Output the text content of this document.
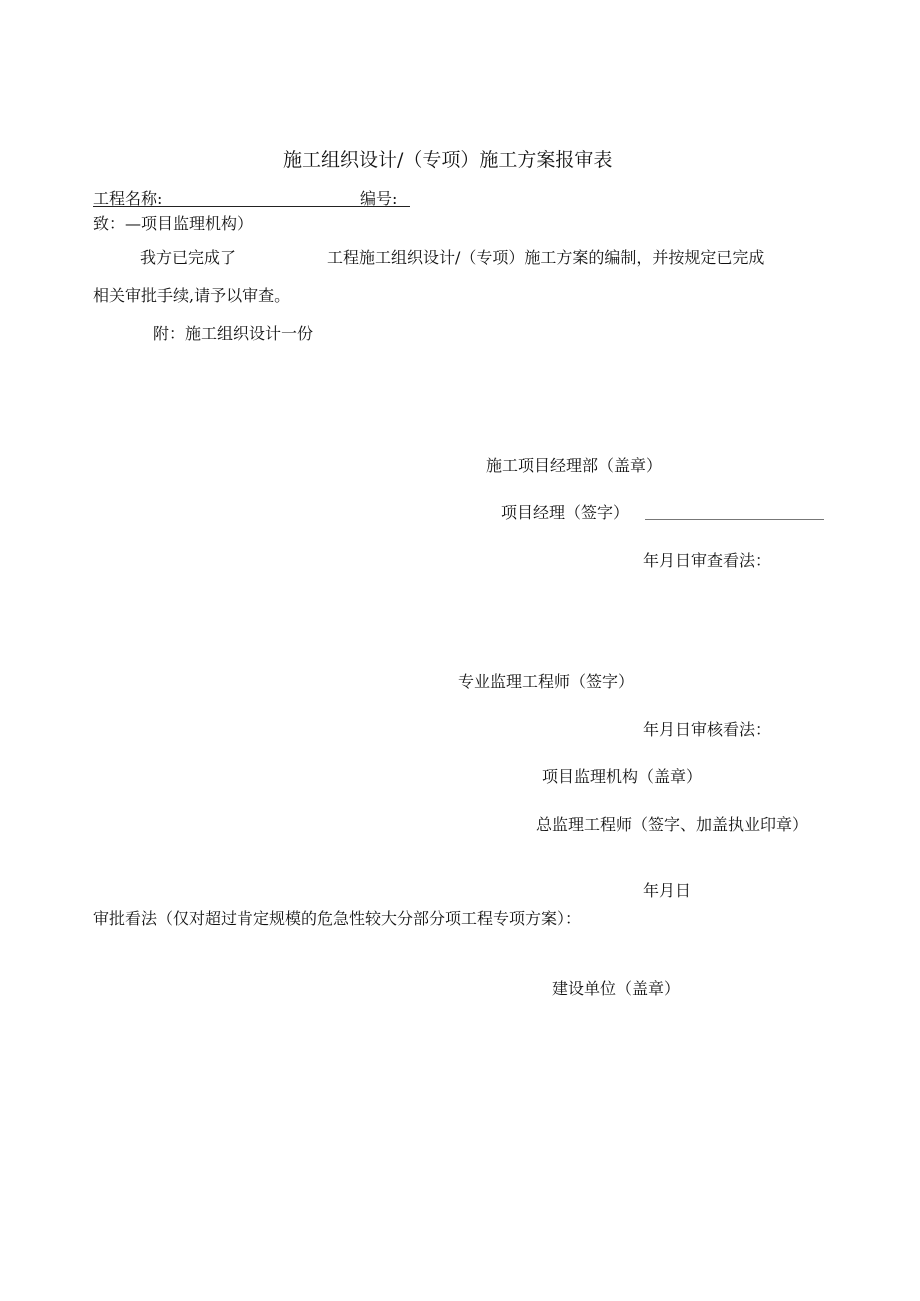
施工组织设计/（专项）施工方案报审表
工程名称:	编号:
致：—项目监理机构）
我方已完成了	工程施工组织设计/（专项）施工方案的编制，并按规定已完成
相关审批手续,请予以审查。
附：施工组织设计一份
施工项目经理部（盖章）
项目经理（签字）
年月日审查看法：
专业监理工程师（签字）
年月日审核看法：
项目监理机构（盖章）
总监理工程师（签字、加盖执业印章）
年月日
审批看法（仅对超过肯定规模的危急性较大分部分项工程专项方案）：
建设单位（盖章）
